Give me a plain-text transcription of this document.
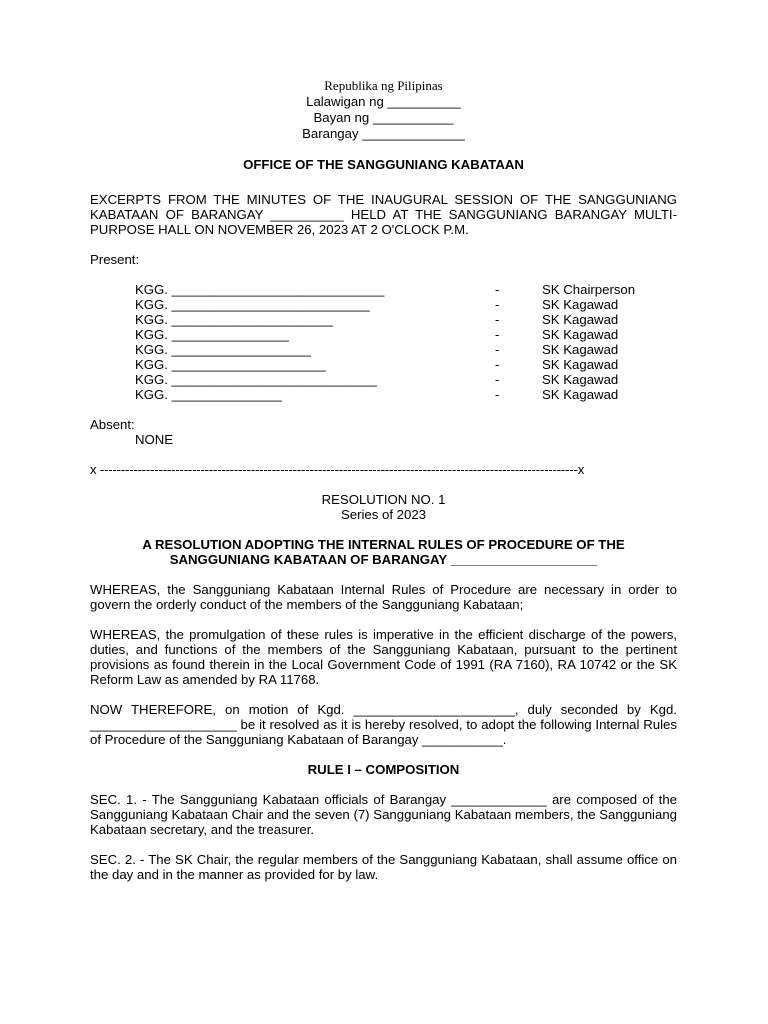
Republika ng Pilipinas
Lalawigan ng __________
Bayan ng ___________
Barangay ______________
OFFICE OF THE SANGGUNIANG KABATAAN

EXCERPTS FROM THE MINUTES OF THE INAUGURAL SESSION OF THE SANGGUNIANG KABATAAN OF BARANGAY __________ HELD AT THE SANGGUNIANG BARANGAY MULTI-PURPOSE HALL ON NOVEMBER 26, 2023 AT 2 O'CLOCK P.M.

Present:
KGG. _____________________________	-	SK Chairperson
KGG. ___________________________	-	SK Kagawad
KGG. ______________________	-	SK Kagawad
KGG. ________________	-	SK Kagawad
KGG. ___________________	-	SK Kagawad
KGG. _____________________	-	SK Kagawad
KGG. ____________________________	-	SK Kagawad
KGG. _______________	-	SK Kagawad
Absent:
NONE
x ------------------------------------------------------------------------------------------------------------------x
RESOLUTION NO. 1
Series of 2023
A RESOLUTION ADOPTING THE INTERNAL RULES OF PROCEDURE OF THE
SANGGUNIANG KABATAAN OF BARANGAY ____________________

WHEREAS, the Sangguniang Kabataan Internal Rules of Procedure are necessary in order to govern the orderly conduct of the members of the Sangguniang Kabataan;

WHEREAS, the promulgation of these rules is imperative in the efficient discharge of the powers, duties, and functions of the members of the Sangguniang Kabataan, pursuant to the pertinent provisions as found therein in the Local Government Code of 1991 (RA 7160), RA 10742 or the SK Reform Law as amended by RA 11768.

NOW THEREFORE, on motion of Kgd. ______________________, duly seconded by Kgd. ____________________ be it resolved as it is hereby resolved, to adopt the following Internal Rules of Procedure of the Sangguniang Kabataan of Barangay ___________.

RULE I – COMPOSITION

SEC. 1. - The Sangguniang Kabataan officials of Barangay _____________ are composed of the Sangguniang Kabataan Chair and the seven (7) Sangguniang Kabataan members, the Sangguniang Kabataan secretary, and the treasurer.

SEC. 2. - The SK Chair, the regular members of the Sangguniang Kabataan, shall assume office on the day and in the manner as provided for by law.
